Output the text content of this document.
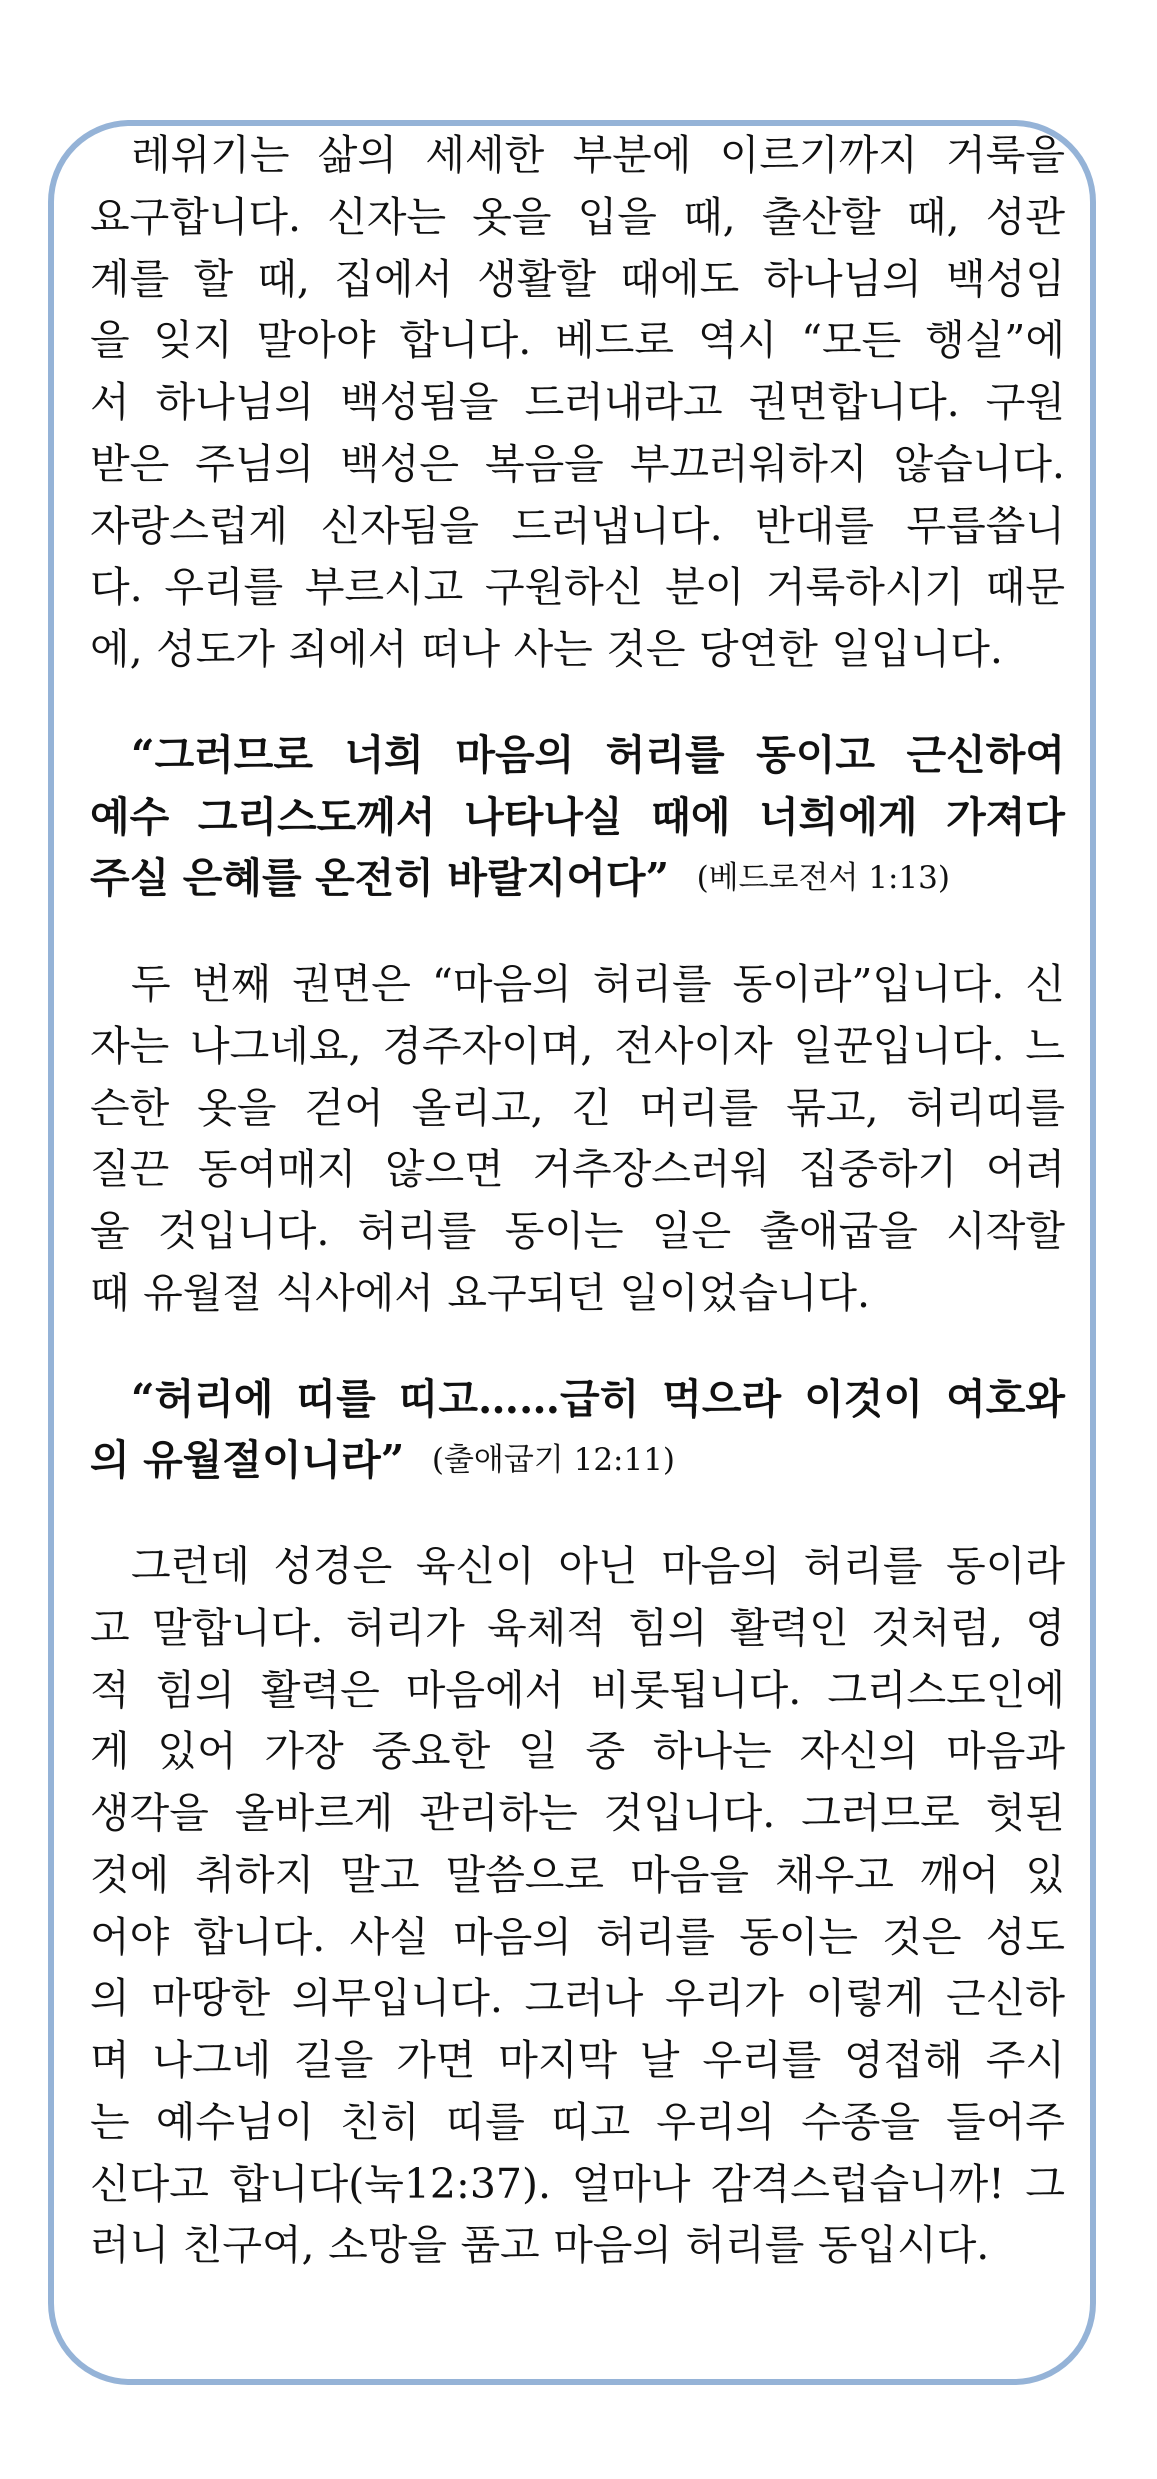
레위기는 삶의 세세한 부분에 이르기까지 거룩을
요구합니다. 신자는 옷을 입을 때, 출산할 때, 성관
계를 할 때, 집에서 생활할 때에도 하나님의 백성임
을 잊지 말아야 합니다. 베드로 역시 “모든 행실”에
서 하나님의 백성됨을 드러내라고 권면합니다. 구원
받은 주님의 백성은 복음을 부끄러워하지 않습니다.
자랑스럽게 신자됨을 드러냅니다. 반대를 무릅씁니
다. 우리를 부르시고 구원하신 분이 거룩하시기 때문
에, 성도가 죄에서 떠나 사는 것은 당연한 일입니다.
“그러므로 너희 마음의 허리를 동이고 근신하여
예수 그리스도께서 나타나실 때에 너희에게 가져다
주실 은혜를 온전히 바랄지어다” (베드로전서 1:13)
두 번째 권면은 “마음의 허리를 동이라”입니다. 신
자는 나그네요, 경주자이며, 전사이자 일꾼입니다. 느
슨한 옷을 걷어 올리고, 긴 머리를 묶고, 허리띠를
질끈 동여매지 않으면 거추장스러워 집중하기 어려
울 것입니다. 허리를 동이는 일은 출애굽을 시작할
때 유월절 식사에서 요구되던 일이었습니다.
“허리에 띠를 띠고……급히 먹으라 이것이 여호와
의 유월절이니라” (출애굽기 12:11)
그런데 성경은 육신이 아닌 마음의 허리를 동이라
고 말합니다. 허리가 육체적 힘의 활력인 것처럼, 영
적 힘의 활력은 마음에서 비롯됩니다. 그리스도인에
게 있어 가장 중요한 일 중 하나는 자신의 마음과
생각을 올바르게 관리하는 것입니다. 그러므로 헛된
것에 취하지 말고 말씀으로 마음을 채우고 깨어 있
어야 합니다. 사실 마음의 허리를 동이는 것은 성도
의 마땅한 의무입니다. 그러나 우리가 이렇게 근신하
며 나그네 길을 가면 마지막 날 우리를 영접해 주시
는 예수님이 친히 띠를 띠고 우리의 수종을 들어주
신다고 합니다(눅12:37). 얼마나 감격스럽습니까! 그
러니 친구여, 소망을 품고 마음의 허리를 동입시다.
